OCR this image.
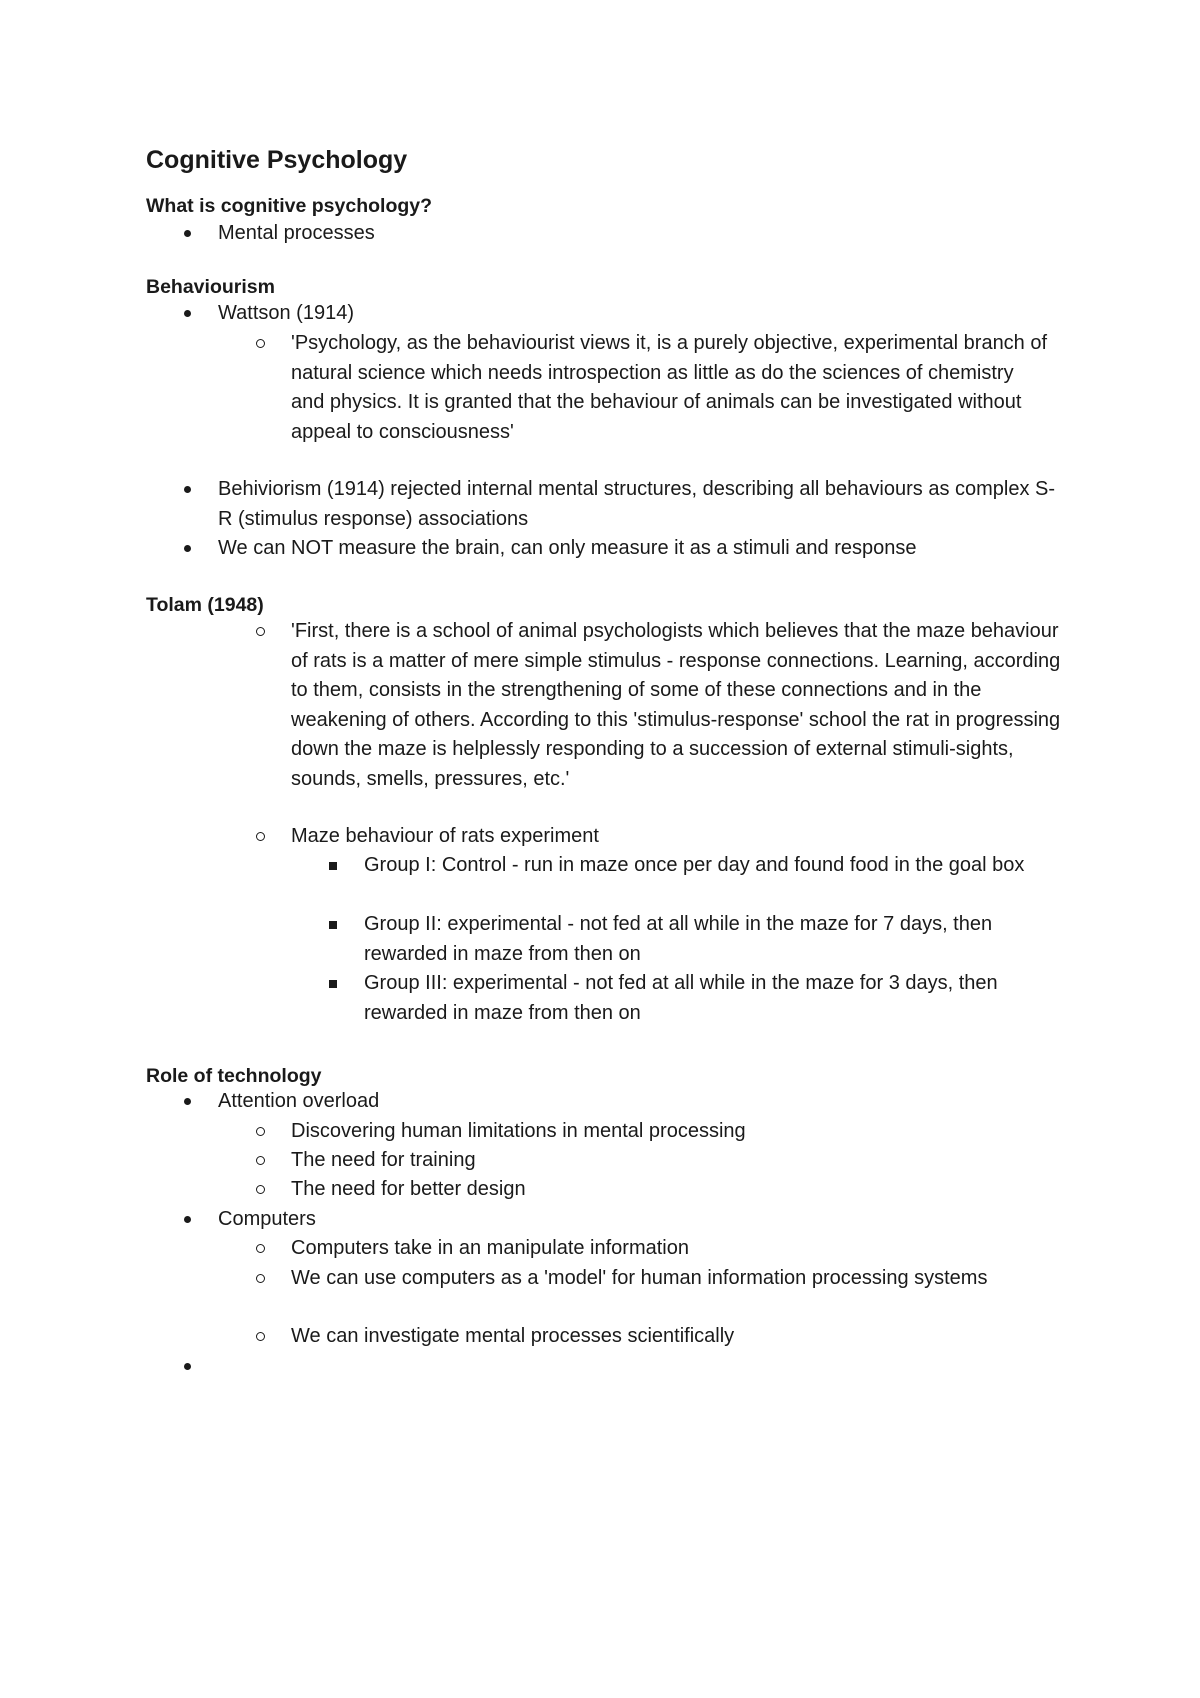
Cognitive Psychology
What is cognitive psychology?
Mental processes
Behaviourism
Wattson (1914)
'Psychology, as the behaviourist views it, is a purely objective, experimental branch of natural science which needs introspection as little as do the sciences of chemistry and physics. It is granted that the behaviour of animals can be investigated without appeal to consciousness'
Behiviorism (1914) rejected internal mental structures, describing all behaviours as complex S-R (stimulus response) associations
We can NOT measure the brain, can only measure it as a stimuli and response
Tolam (1948)
'First, there is a school of animal psychologists which believes that the maze behaviour of rats is a matter of mere simple stimulus - response connections. Learning, according to them, consists in the strengthening of some of these connections and in the weakening of others. According to this 'stimulus-response' school the rat in progressing down the maze is helplessly responding to a succession of external stimuli-sights, sounds, smells, pressures, etc.'
Maze behaviour of rats experiment
Group I: Control - run in maze once per day and found food in the goal box
Group II: experimental - not fed at all while in the maze for 7 days, then rewarded in maze from then on
Group III: experimental - not fed at all while in the maze for 3 days, then rewarded in maze from then on
Role of technology
Attention overload
Discovering human limitations in mental processing
The need for training
The need for better design
Computers
Computers take in an manipulate information
We can use computers as a 'model' for human information processing systems
We can investigate mental processes scientifically
